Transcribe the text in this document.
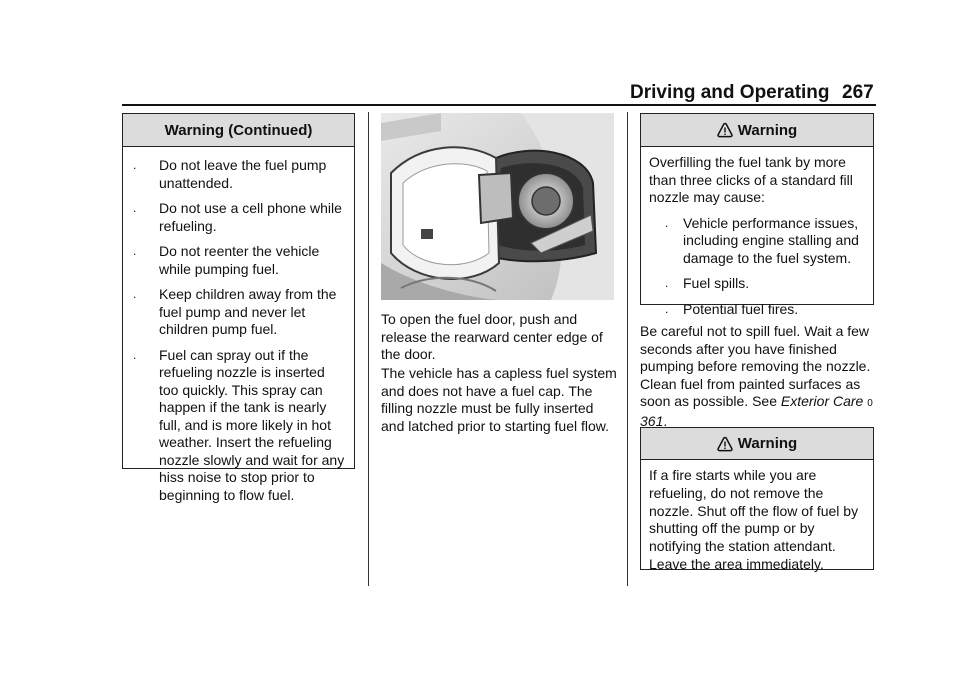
Driving and Operating 267
Warning (Continued)
. Do not leave the fuel pump unattended.
. Do not use a cell phone while refueling.
. Do not reenter the vehicle while pumping fuel.
. Keep children away from the fuel pump and never let children pump fuel.
. Fuel can spray out if the refueling nozzle is inserted too quickly. This spray can happen if the tank is nearly full, and is more likely in hot weather. Insert the refueling nozzle slowly and wait for any hiss noise to stop prior to beginning to flow fuel.
To open the fuel door, push and release the rearward center edge of the door.
The vehicle has a capless fuel system and does not have a fuel cap. The filling nozzle must be fully inserted and latched prior to starting fuel flow.
Warning
Overfilling the fuel tank by more than three clicks of a standard fill nozzle may cause:
. Vehicle performance issues, including engine stalling and damage to the fuel system.
. Fuel spills.
. Potential fuel fires.
Be careful not to spill fuel. Wait a few seconds after you have finished pumping before removing the nozzle. Clean fuel from painted surfaces as soon as possible. See Exterior Care 0 361.
Warning
If a fire starts while you are refueling, do not remove the nozzle. Shut off the flow of fuel by shutting off the pump or by notifying the station attendant. Leave the area immediately.
